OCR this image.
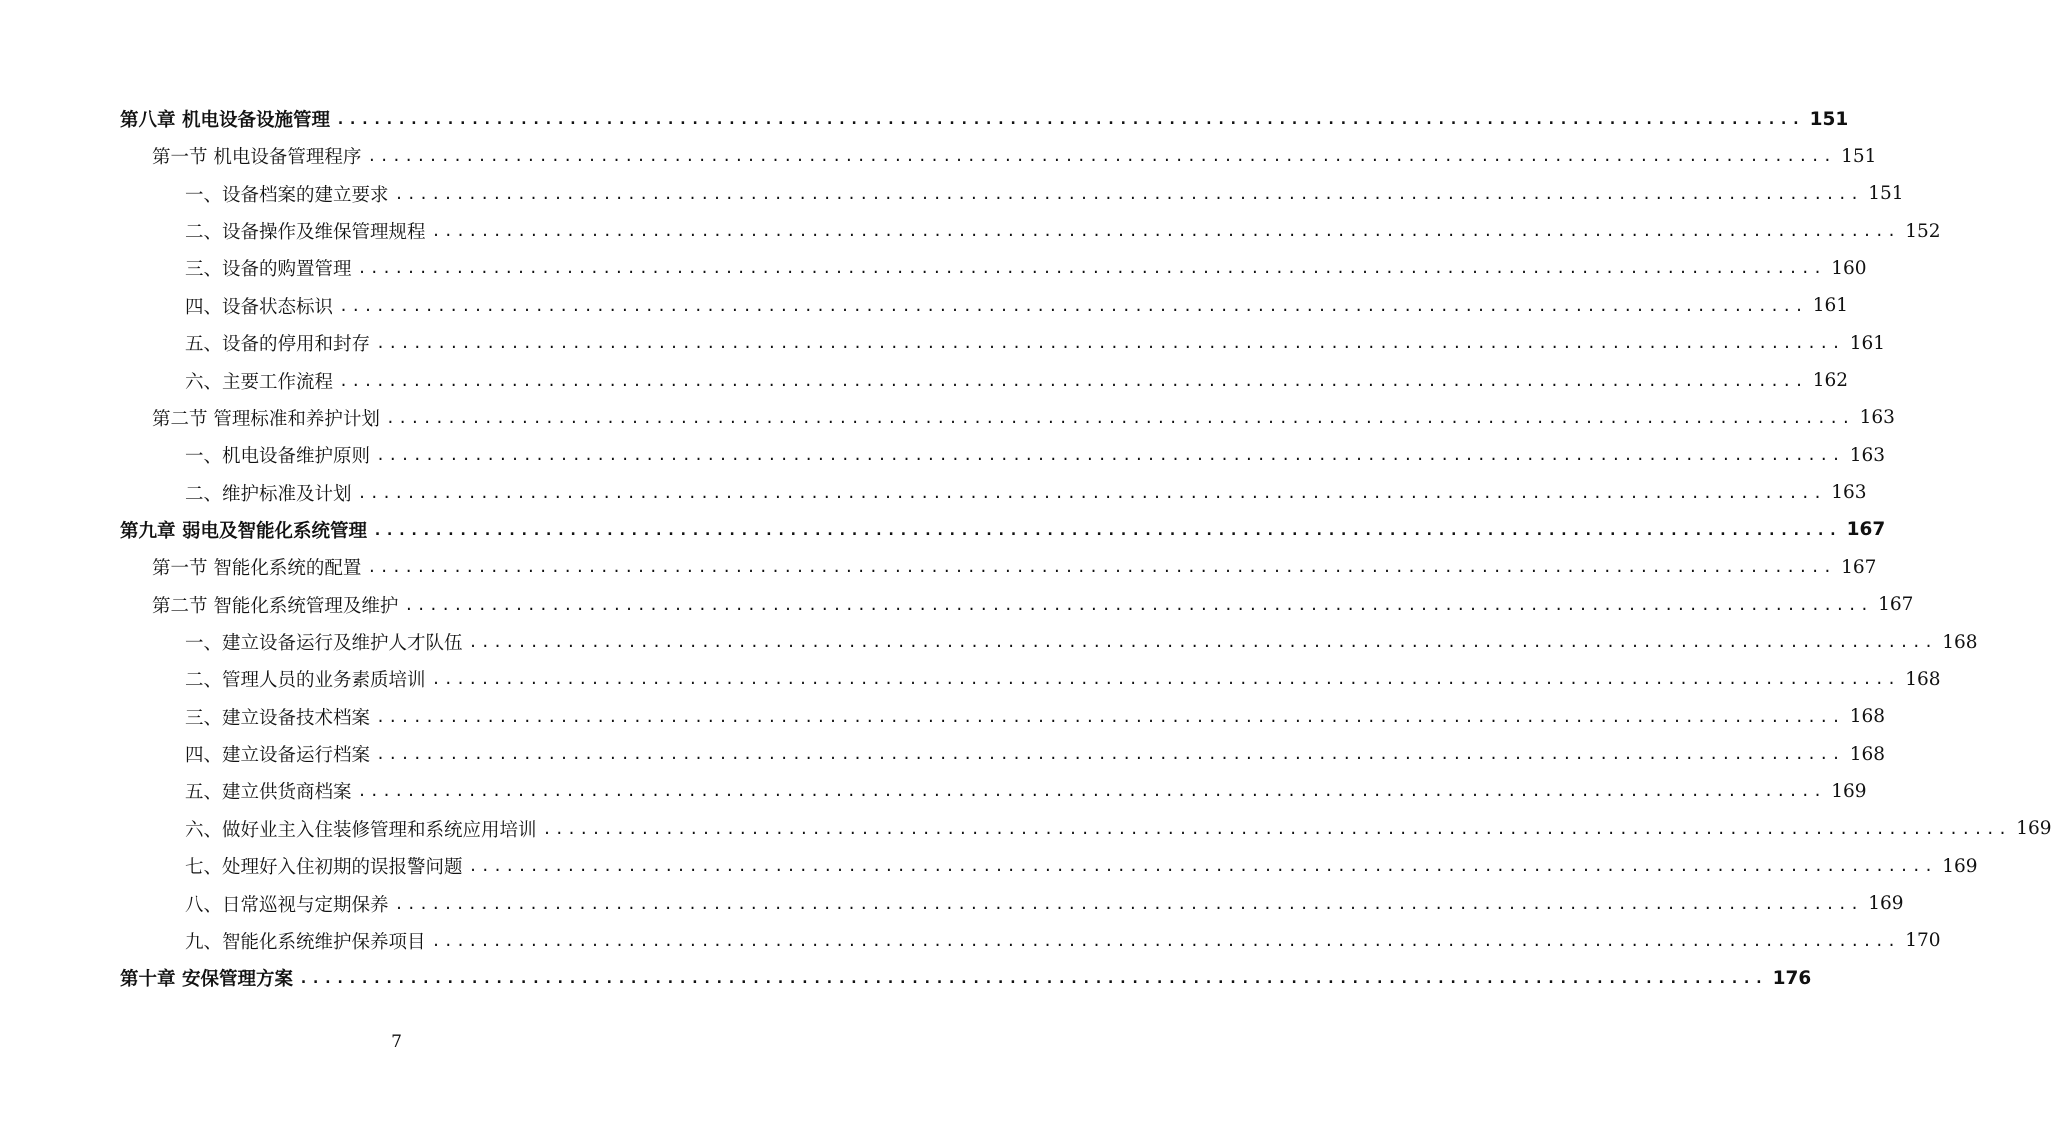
第八章 机电设备设施管理 ........................................................................................................................ 151
第一节 机电设备管理程序 ........................................................................................................................ 151
一、设备档案的建立要求 ........................................................................................................................ 151
二、设备操作及维保管理规程 ........................................................................................................................ 152
三、设备的购置管理 ........................................................................................................................ 160
四、设备状态标识 ........................................................................................................................ 161
五、设备的停用和封存 ........................................................................................................................ 161
六、主要工作流程 ........................................................................................................................ 162
第二节 管理标准和养护计划 ........................................................................................................................ 163
一、机电设备维护原则 ........................................................................................................................ 163
二、维护标准及计划 ........................................................................................................................ 163
第九章 弱电及智能化系统管理 ........................................................................................................................ 167
第一节 智能化系统的配置 ........................................................................................................................ 167
第二节 智能化系统管理及维护 ........................................................................................................................ 167
一、建立设备运行及维护人才队伍 ........................................................................................................................ 168
二、管理人员的业务素质培训 ........................................................................................................................ 168
三、建立设备技术档案 ........................................................................................................................ 168
四、建立设备运行档案 ........................................................................................................................ 168
五、建立供货商档案 ........................................................................................................................ 169
六、做好业主入住装修管理和系统应用培训 ........................................................................................................................ 169
七、处理好入住初期的误报警问题 ........................................................................................................................ 169
八、日常巡视与定期保养 ........................................................................................................................ 169
九、智能化系统维护保养项目 ........................................................................................................................ 170
第十章 安保管理方案 ........................................................................................................................ 176
7
